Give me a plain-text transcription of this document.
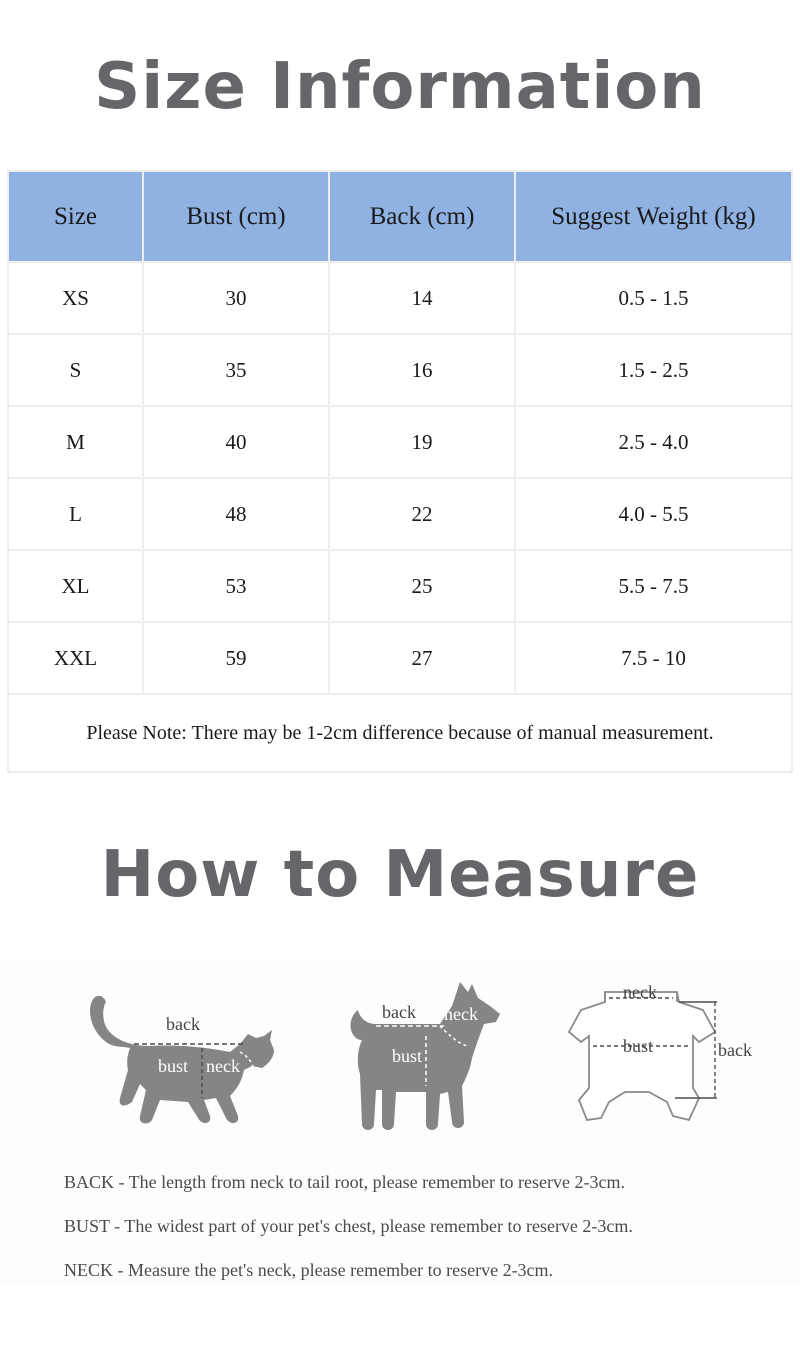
Size Information
Size	Bust (cm)	Back (cm)	Suggest Weight (kg)
XS	30	14	0.5 - 1.5
S	35	16	1.5 - 2.5
M	40	19	2.5 - 4.0
L	48	22	4.0 - 5.5
XL	53	25	5.5 - 7.5
XXL	59	27	7.5 - 10
Please Note: There may be 1-2cm difference because of manual measurement.			
How to Measure
back
bust neck
back neck
bust
neck
bust	back

BACK - The length from neck to tail root, please remember to reserve 2-3cm.

BUST - The widest part of your pet's chest, please remember to reserve 2-3cm.

NECK - Measure the pet's neck, please remember to reserve 2-3cm.
